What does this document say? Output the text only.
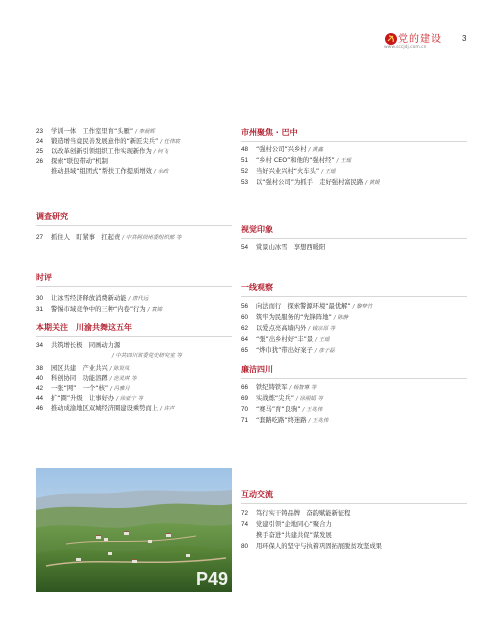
党的建设
www.sccjdj.com.cn
3
23 学训一体　工作室里育“头雁” / 李晨辉
24 锻造增当竟民善发展意作的“新匠尖兵” / 任伟宸
25 以改革创新引领组织工作实现新作为 / 何飞
26 探索“联包带动”机制
推动县域“组团式”帮扶工作提质增效 / 余政
调查研究
27 抓住人　盯紧事　扛起责 / 中共阿坝州委组织部 等
时评
30 让冰雪经济释放消费新动能 / 唐代远
31 警惕市域竞争中的三种“内卷”行为 / 袁锦
本期关注　川渝共舞这五年
34 共筑增长极　同画动力源
/ 中共四川省委党史研究室 等
38 园区共建　产业共兴 / 陈贤凤
40 科创协同　功能溶蹲 / 范灵琪 等
42 一张“网”　一个“核” / 冯雅月
44 扩“圈”升级　让事好办 / 徐亚宁 等
46 推动成渝地区双城经济圈建设乘势而上 / 许声
P49
市州聚焦 · 巴中
48 “强村公司”兴乡村 / 黄鑫
51 “乡村 CEO”和他的“强村经” / 王瑶
52 当好兴业兴村“火车头” / 王瑶
53 以“强村公司”为抓手　走好强村富民路 / 黄媛
视觉印象
54 赏景山冰雪　享想西暖阳
一线观察
56 向法而行　探索警源环境“最优解” / 黎梦竹
60 筑牢为民服务的“先锋阵地” / 陈静
62 以爱点亮高墙内外 / 钱宗原 等
64 “張”出乡村好“丰”景 / 王瑶
65 “烨巾犹”带出好案子 / 彦子磊
廉洁四川
66 铁纪铸铁军 / 杨智琳 等
69 实战炼“尖兵” / 徐丽娟 等
70 “赛马”育“良驹” / 王兆伟
71 “套路吃路”终迷路 / 王兆伟
互动交流
72 笃行实干铸品牌　奋韵赋能新征程
74 党建引领“企地同心”聚合力
携手奋进“共建共促”谋发展
80 用环保人的坚守与执着巩固拓展脱贫攻坚成果
